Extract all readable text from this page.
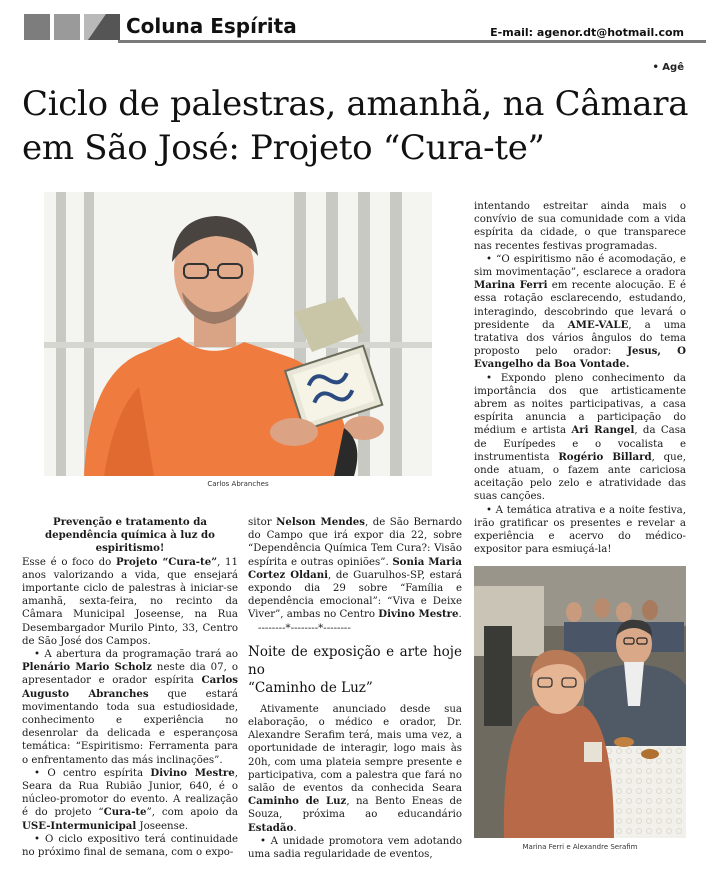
Coluna Espírita	E-mail: agenor.dt@hotmail.com
• Agê
Ciclo de palestras, amanhã, na Câmara
em São José: Projeto “Cura-te”
Carlos Abranches

Prevenção e tratamento da dependência química à luz do espiritismo!

Esse é o foco do Projeto “Cura-te”, 11 anos valorizando a vida, que ensejará importante ciclo de palestras à iniciar-se amanhã, sexta-feira, no recinto da Câmara Municipal Joseense, na Rua Desembargador Murilo Pinto, 33, Centro de São José dos Campos.

• A abertura da programação trará ao Plenário Mario Scholz neste dia 07, o apresentador e orador espírita Carlos Augusto Abranches que estará movimentando toda sua estudiosidade, conhecimento e experiência no desenrolar da delicada e esperançosa temática: “Espiritismo: Ferramenta para o enfrentamento das más inclinações”.

• O centro espírita Divino Mestre, Seara da Rua Rubião Junior, 640, é o núcleo-promotor do evento. A realização é do projeto “Cura-te”, com apoio da USE-Intermunicipal Joseense.

• O ciclo expositivo terá continuidade no próximo final de semana, com o expo-

sitor Nelson Mendes, de São Bernardo do Campo que irá expor dia 22, sobre “Dependência Química Tem Cura?: Visão espírita e outras opiniões”. Sonia Maria Cortez Oldani, de Guarulhos-SP, estará expondo dia 29 sobre “Família e dependência emocional”: “Viva e Deixe Viver”, ambas no Centro Divino Mestre.

--------*--------*--------

Noite de exposição e arte hoje no
“Caminho de Luz”

Ativamente anunciado desde sua elaboração, o médico e orador, Dr. Alexandre Serafim terá, mais uma vez, a oportunidade de interagir, logo mais às 20h, com uma plateia sempre presente e participativa, com a palestra que fará no salão de eventos da conhecida Seara Caminho de Luz, na Bento Eneas de Souza, próxima ao educandário Estadão.

• A unidade promotora vem adotando uma sadia regularidade de eventos,

intentando estreitar ainda mais o convívio de sua comunidade com a vida espírita da cidade, o que transparece nas recentes festivas programadas.

• “O espiritismo não é acomodação, e sim movimentação”, esclarece a oradora Marina Ferri em recente alocução. E é essa rotação esclarecendo, estudando, interagindo, descobrindo que levará o presidente da AME-VALE, a uma tratativa dos vários ângulos do tema proposto pelo orador: Jesus, O Evangelho da Boa Vontade.

• Expondo pleno conhecimento da importância dos que artisticamente abrem as noites participativas, a casa espírita anuncia a participação do médium e artista Ari Rangel, da Casa de Eurípedes e o vocalista e instrumentista Rogério Billard, que, onde atuam, o fazem ante cariciosa aceitação pelo zelo e atratividade das suas canções.

• A temática atrativa e a noite festiva, irão gratificar os presentes e revelar a experiência e acervo do médico-expositor para esmiuçá-la!

Marina Ferri e Alexandre Serafim
